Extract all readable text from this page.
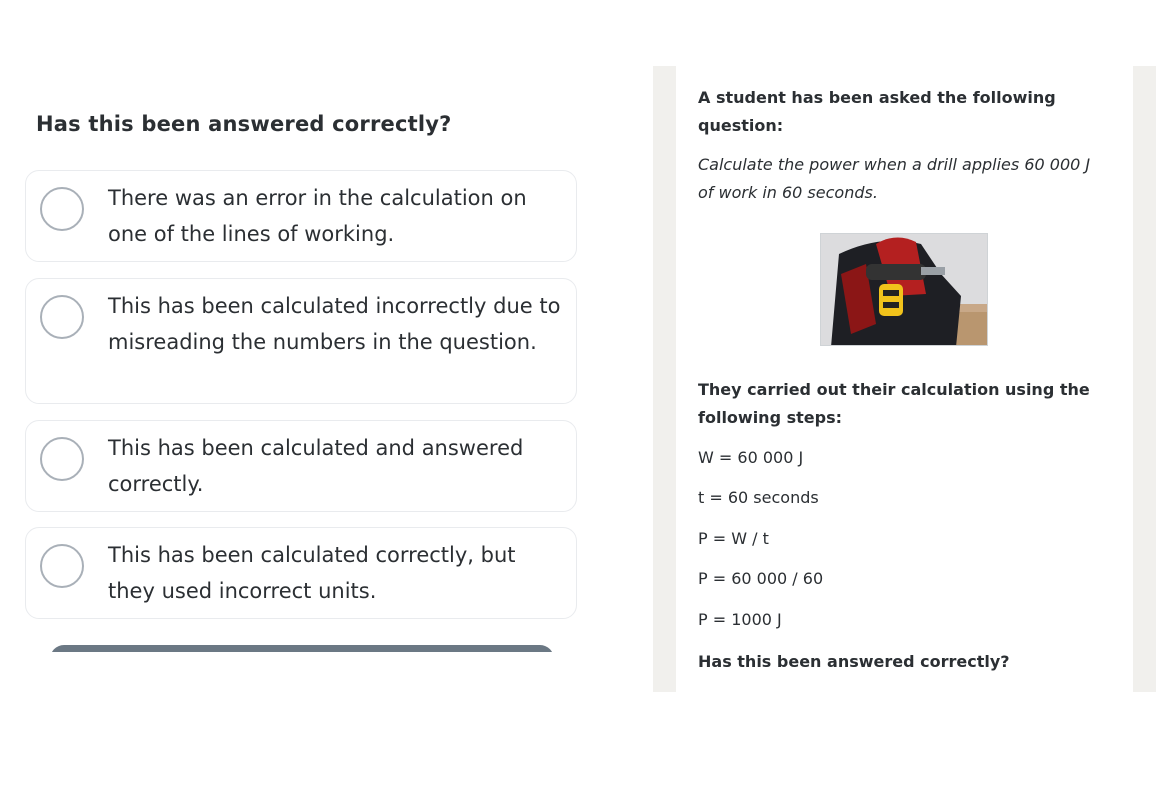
Has this been answered correctly?
There was an error in the calculation on one of the lines of working.
This has been calculated incorrectly due to misreading the numbers in the question.
This has been calculated and answered correctly.
This has been calculated correctly, but they used incorrect units.
A student has been asked the following question:
Calculate the power when a drill applies 60 000 J of work in 60 seconds.
They carried out their calculation using the following steps:
W = 60 000 J
t = 60 seconds
P = W / t
P = 60 000 / 60
P = 1000 J
Has this been answered correctly?
